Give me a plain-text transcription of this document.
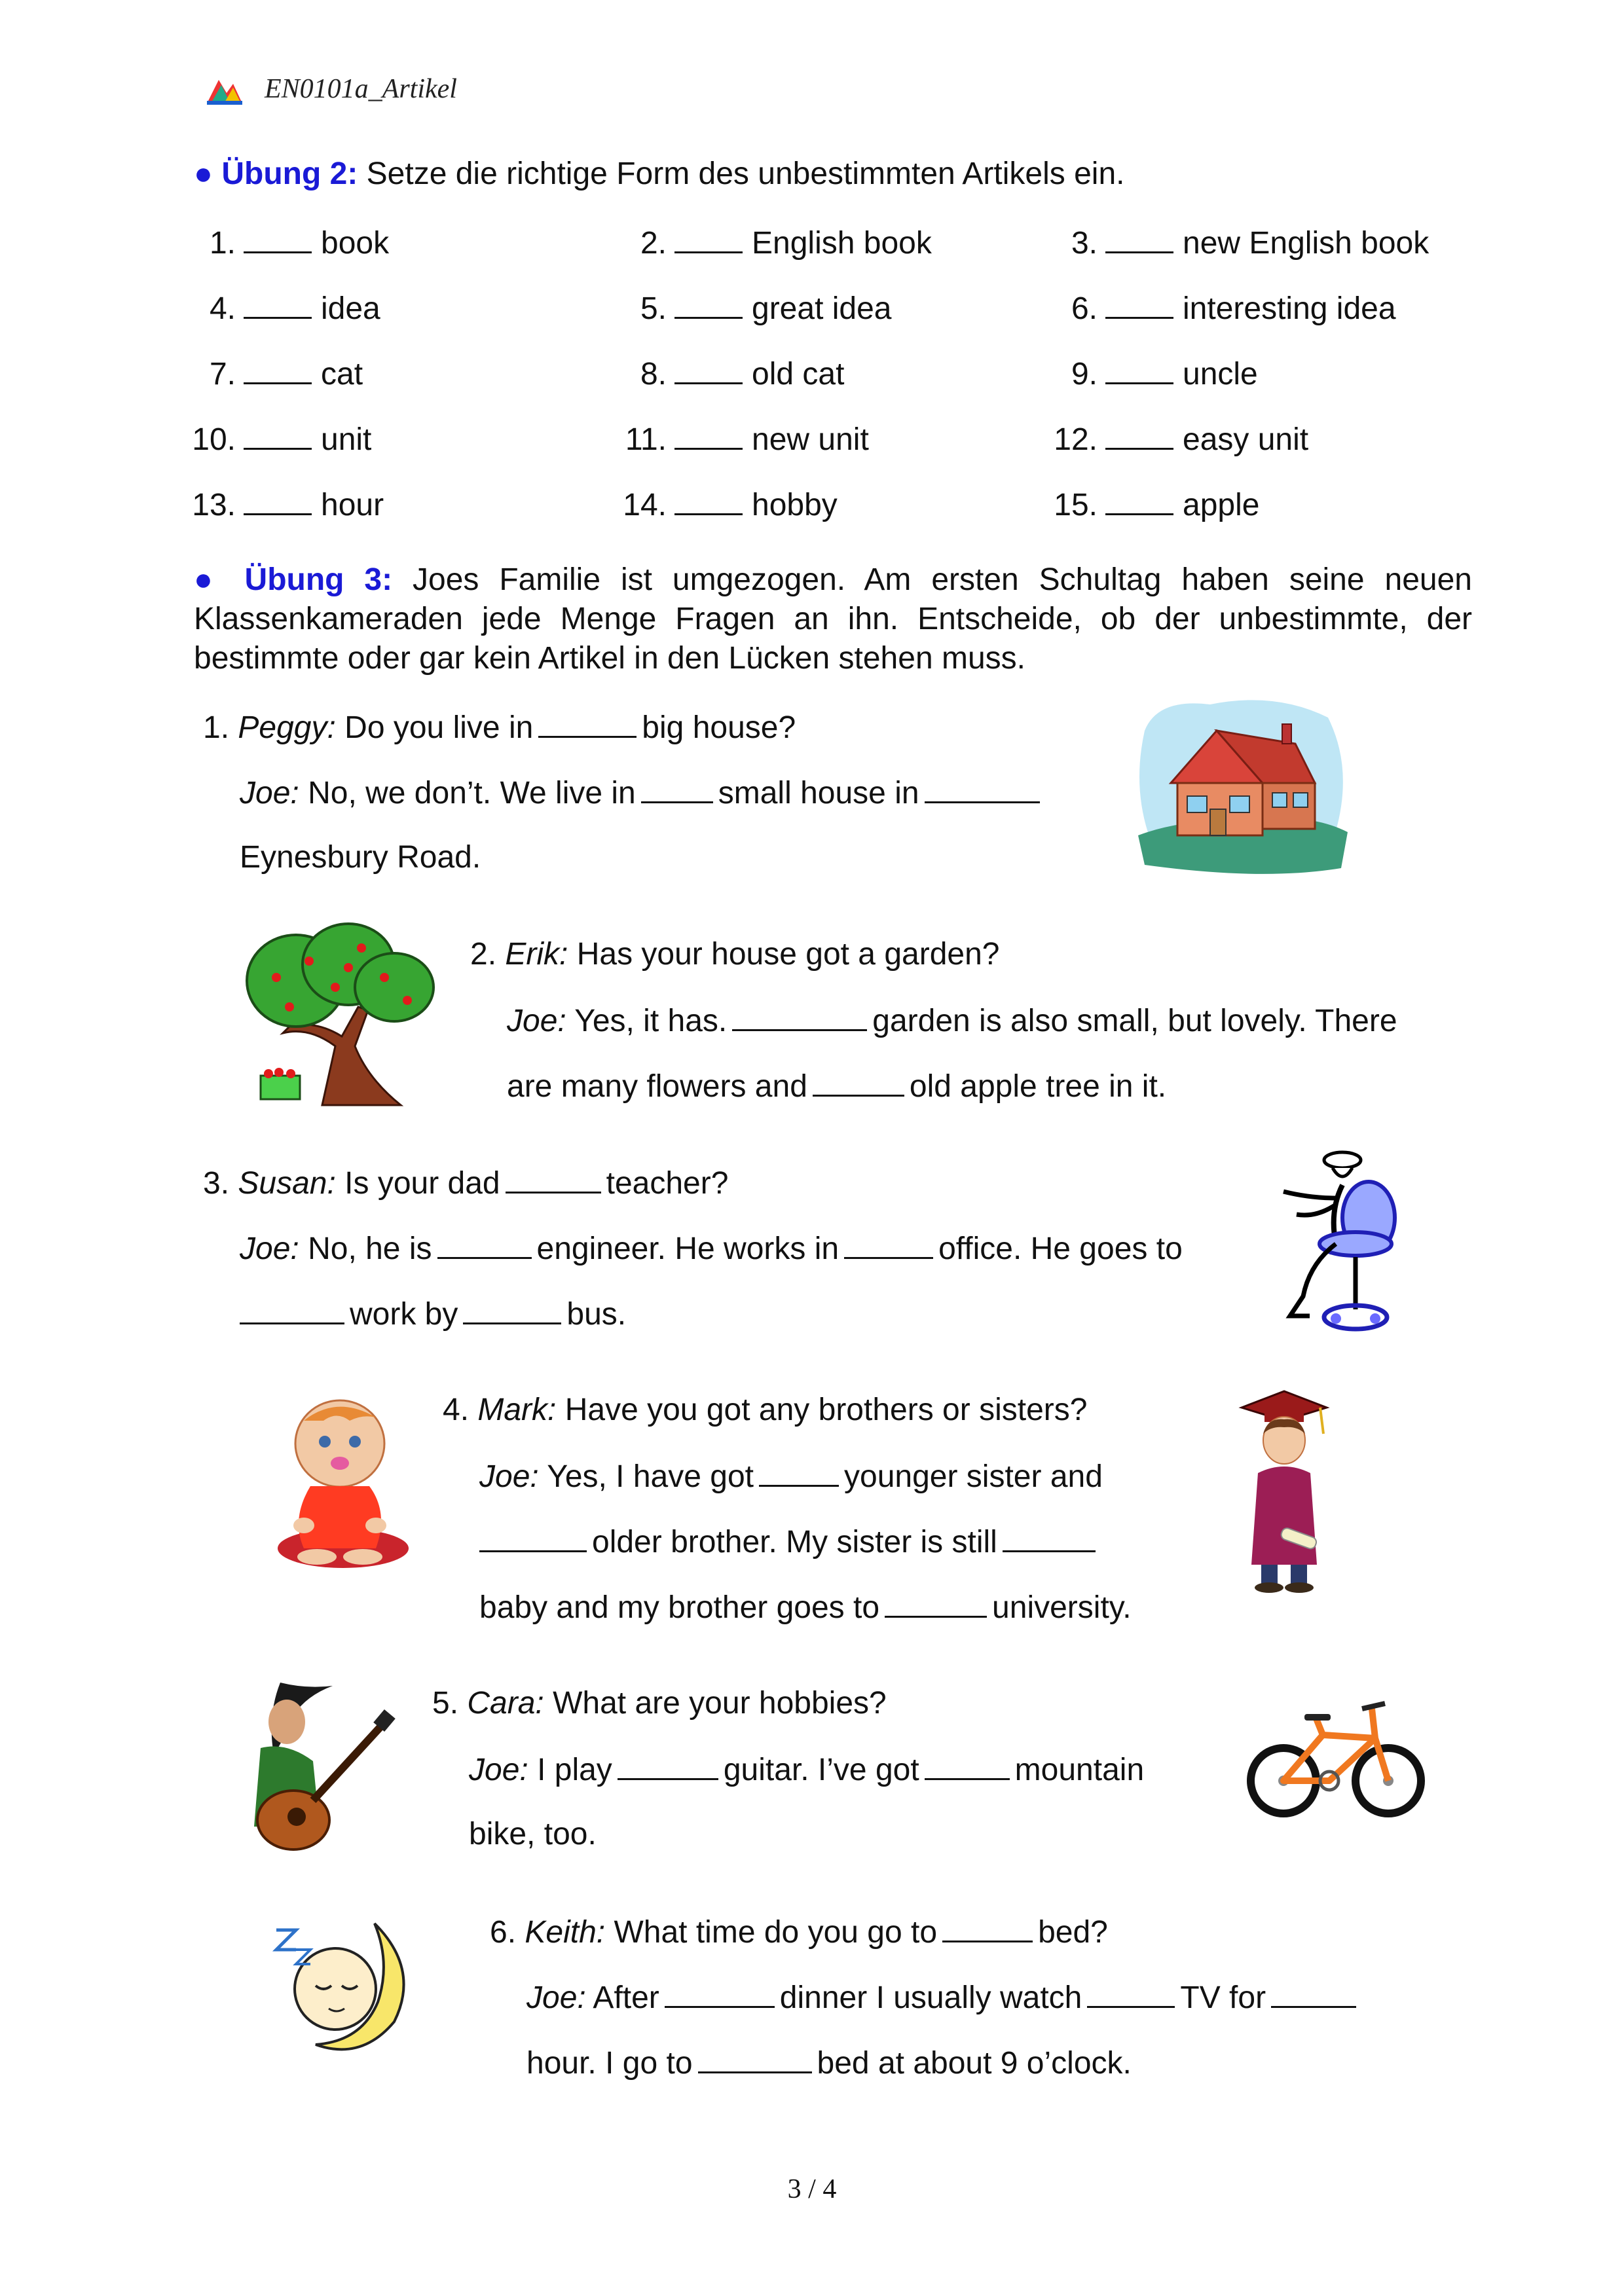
EN0101a_Artikel
● Übung 2: Setze die richtige Form des unbestimmten Artikels ein.
1.	book	2.	English book	3.	new English book
4.	idea	5.	great idea	6.	interesting idea
7.	cat	8.	old cat	9.	uncle
10.	unit	11.	new unit	12.	easy unit
13.	hour	14.	hobby	15.	apple
● Übung 3: Joes Familie ist umgezogen. Am ersten Schultag haben seine neuen Klassenkameraden jede Menge Fragen an ihn. Entscheide, ob der unbestimmte, der bestimmte oder gar kein Artikel in den Lücken stehen muss.
1. Peggy: Do you live in	big house?
Joe: No, we don’t. We live in	small house in
Eynesbury Road.
2. Erik: Has your house got a garden?
Joe: Yes, it has.	garden is also small, but lovely. There
are many flowers and	old apple tree in it.
3. Susan: Is your dad	teacher?
Joe: No, he is	engineer. He works in	office. He goes to
work by	bus.
4. Mark: Have you got any brothers or sisters?
Joe: Yes, I have got	younger sister and
older brother. My sister is still
baby and my brother goes to	university.
5. Cara: What are your hobbies?
Joe: I play	guitar. I’ve got	mountain
bike, too.
6. Keith: What time do you go to	bed?
Joe: After	dinner I usually watch	TV for
hour. I go to	bed at about 9 o’clock.
3 / 4
